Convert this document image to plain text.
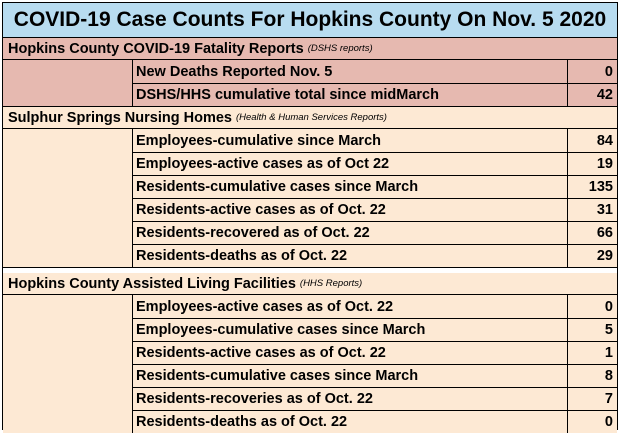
COVID-19 Case Counts For Hopkins County On Nov. 5 2020
Hopkins County COVID-19 Fatality Reports (DSHS reports)
New Deaths Reported Nov. 5	0
DSHS/HHS cumulative total since midMarch	42
Sulphur Springs Nursing Homes (Health & Human Services Reports)
Employees-cumulative since March	84
Employees-active cases as of Oct 22	19
Residents-cumulative cases since March	135
Residents-active cases as of Oct. 22	31
Residents-recovered as of Oct. 22	66
Residents-deaths as of Oct. 22	29
Hopkins County Assisted Living Facilities (HHS Reports)
Employees-active cases as of Oct. 22	0
Employees-cumulative cases since March	5
Residents-active cases as of Oct. 22	1
Residents-cumulative cases since March	8
Residents-recoveries as of Oct. 22	7
Residents-deaths as of Oct. 22	0
